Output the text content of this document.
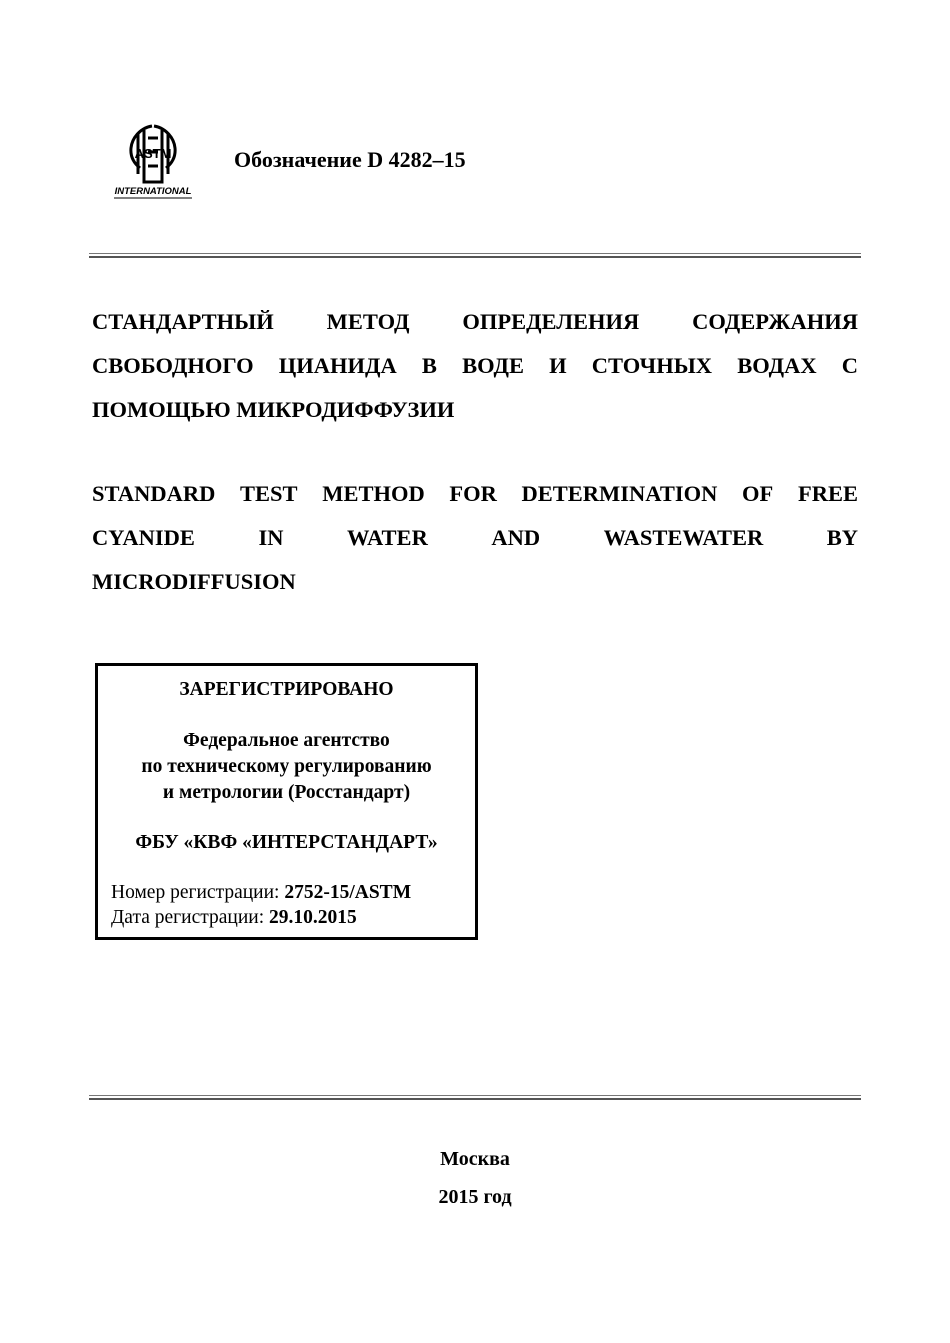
ASTM
INTERNATIONAL
Обозначение D 4282–15
СТАНДАРТНЫЙ МЕТОД ОПРЕДЕЛЕНИЯ СОДЕРЖАНИЯ
СВОБОДНОГО ЦИАНИДА В ВОДЕ И СТОЧНЫХ ВОДАХ С
ПОМОЩЬЮ МИКРОДИФФУЗИИ
STANDARD TEST METHOD FOR DETERMINATION OF FREE
CYANIDE	IN	WATER	AND	WASTEWATER	BY
MICRODIFFUSION
ЗАРЕГИСТРИРОВАНО
Федеральное агентство
по техническому регулированию
и метрологии (Росстандарт)
ФБУ «КВФ «ИНТЕРСТАНДАРТ»
Номер регистрации: 2752-15/ASTM
Дата регистрации: 29.10.2015
Москва
2015 год
